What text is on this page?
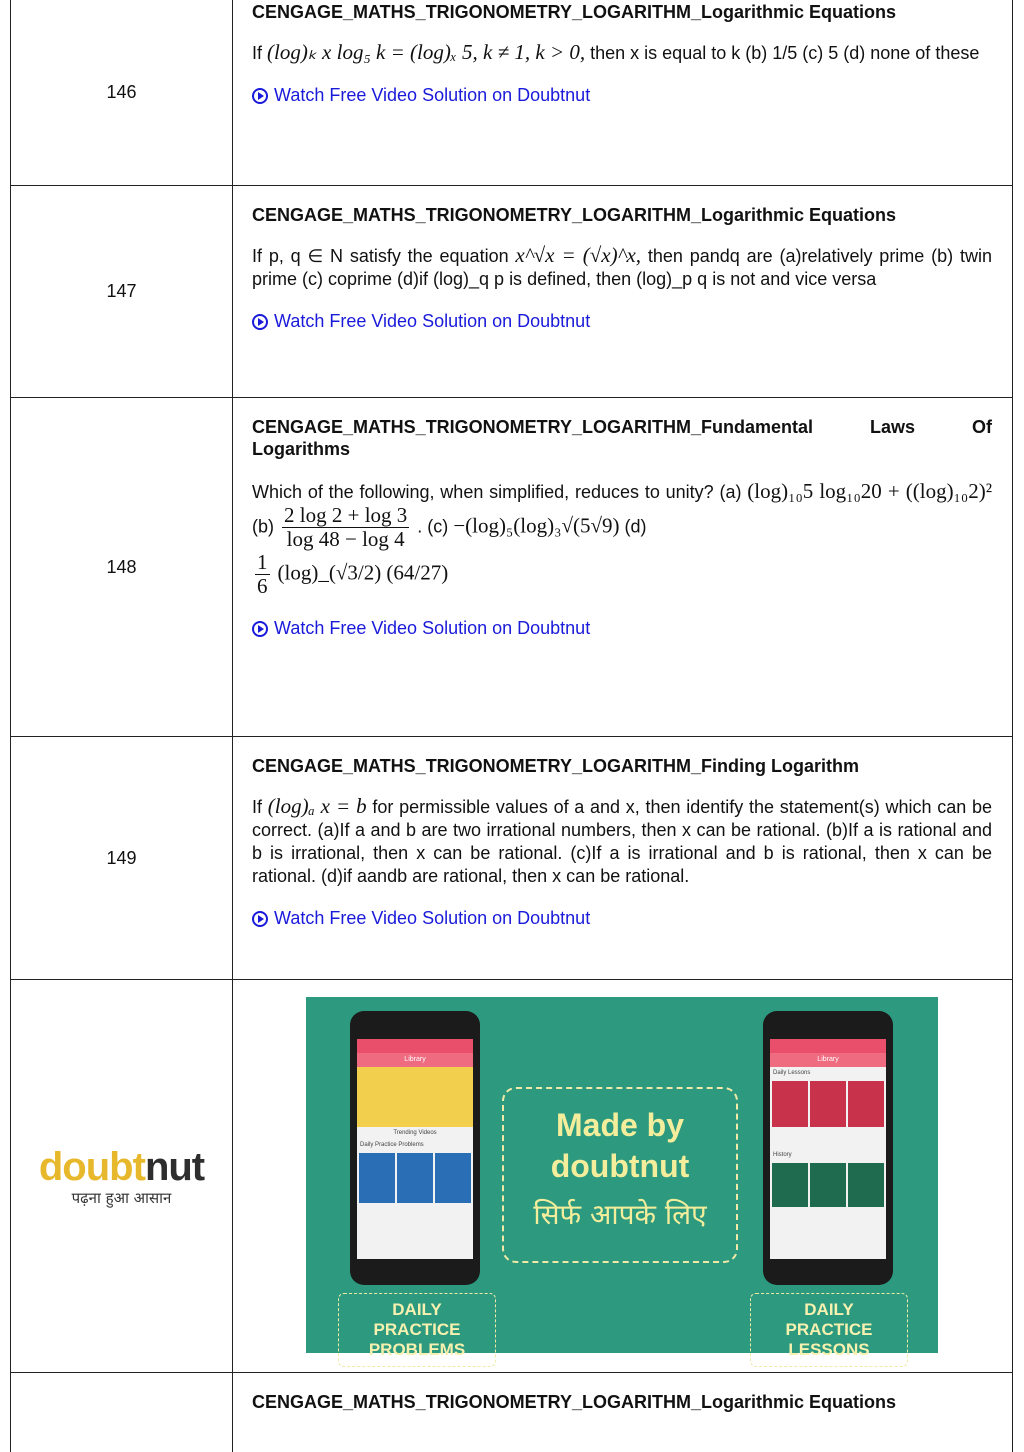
146
CENGAGE_MATHS_TRIGONOMETRY_LOGARITHM_Logarithmic Equations
If (log)ₖ x log₅ k = (log)ₓ 5, k ≠ 1, k > 0, then x is equal to k (b) 1/5 (c) 5 (d) none of these
Watch Free Video Solution on Doubtnut
147
CENGAGE_MATHS_TRIGONOMETRY_LOGARITHM_Logarithmic Equations
If p, q ∈ N satisfy the equation x^√x = (√x)^x, then pandq are (a)relatively prime (b) twin prime (c) coprime (d)if (log)_q p is defined, then (log)_p q is not and vice versa
Watch Free Video Solution on Doubtnut
148
CENGAGE_MATHS_TRIGONOMETRY_LOGARITHM_Fundamental	Laws	Of
Logarithms
Which of the following, when simplified, reduces to unity? (a) (log)₁₀5 log₁₀20 + ((log)₁₀2)² $(b) \frac{2 \log 2 + \log 3}{\log 48 - \log 4}$ . (c) −(log)₅(log)₃√(5√9) (d)

$\frac{1}{6}$ (log)_(√3/2) (64/27)
Watch Free Video Solution on Doubtnut
149
CENGAGE_MATHS_TRIGONOMETRY_LOGARITHM_Finding Logarithm
If (log)ₐ x = b for permissible values of a and x, then identify the statement(s) which can be correct. (a)If a and b are two irrational numbers, then x can be rational. (b)If a is rational and b is irrational, then x can be rational. (c)If a is irrational and b is rational, then x can be rational. (d)if aandb are rational, then x can be rational.
Watch Free Video Solution on Doubtnut
doubtnut
पढ़ना हुआ आसान
Library
Trending Videos
Daily Practice Problems
Library
Daily Lessons
History
Made by
doubtnut
सिर्फ आपके लिए
DAILY PRACTICE PROBLEMS
DAILY PRACTICE LESSONS
CENGAGE_MATHS_TRIGONOMETRY_LOGARITHM_Logarithmic Equations
